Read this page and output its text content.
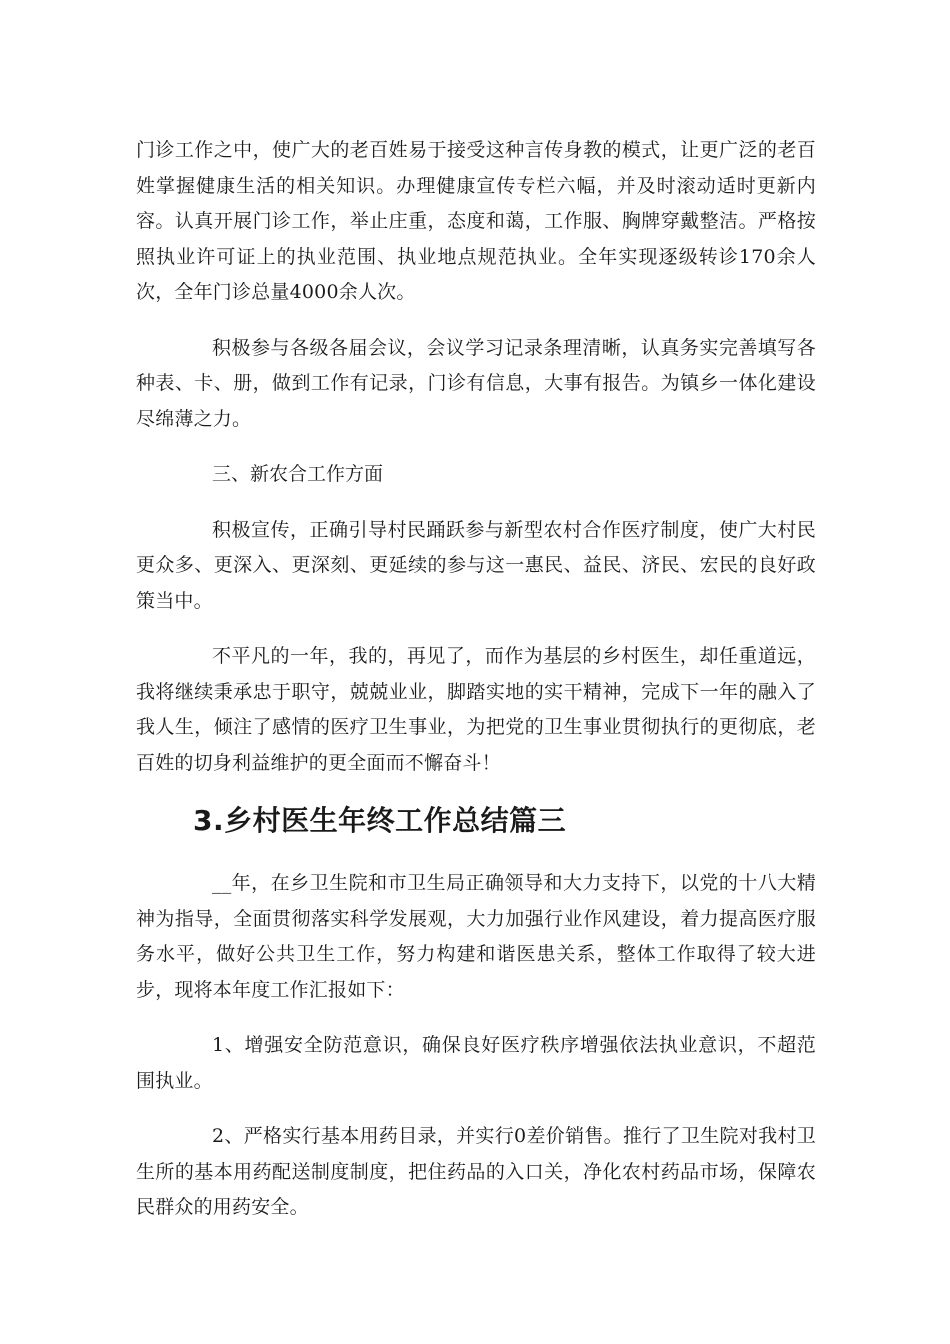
门诊工作之中，使广大的老百姓易于接受这种言传身教的模式，让更广泛的老百姓掌握健康生活的相关知识。办理健康宣传专栏六幅，并及时滚动适时更新内容。认真开展门诊工作，举止庄重，态度和蔼，工作服、胸牌穿戴整洁。严格按照执业许可证上的执业范围、执业地点规范执业。全年实现逐级转诊170余人次，全年门诊总量4000余人次。

积极参与各级各届会议，会议学习记录条理清晰，认真务实完善填写各种表、卡、册，做到工作有记录，门诊有信息，大事有报告。为镇乡一体化建设尽绵薄之力。

三、新农合工作方面

积极宣传，正确引导村民踊跃参与新型农村合作医疗制度，使广大村民更众多、更深入、更深刻、更延续的参与这一惠民、益民、济民、宏民的良好政策当中。

不平凡的一年，我的，再见了，而作为基层的乡村医生，却任重道远，我将继续秉承忠于职守，兢兢业业，脚踏实地的实干精神，完成下一年的融入了我人生，倾注了感情的医疗卫生事业，为把党的卫生事业贯彻执行的更彻底，老百姓的切身利益维护的更全面而不懈奋斗！

3.乡村医生年终工作总结篇三

__年，在乡卫生院和市卫生局正确领导和大力支持下，以党的十八大精神为指导，全面贯彻落实科学发展观，大力加强行业作风建设，着力提高医疗服务水平，做好公共卫生工作，努力构建和谐医患关系，整体工作取得了较大进步，现将本年度工作汇报如下：

1、增强安全防范意识，确保良好医疗秩序增强依法执业意识，不超范围执业。

2、严格实行基本用药目录，并实行0差价销售。推行了卫生院对我村卫生所的基本用药配送制度制度，把住药品的入口关，净化农村药品市场，保障农民群众的用药安全。
